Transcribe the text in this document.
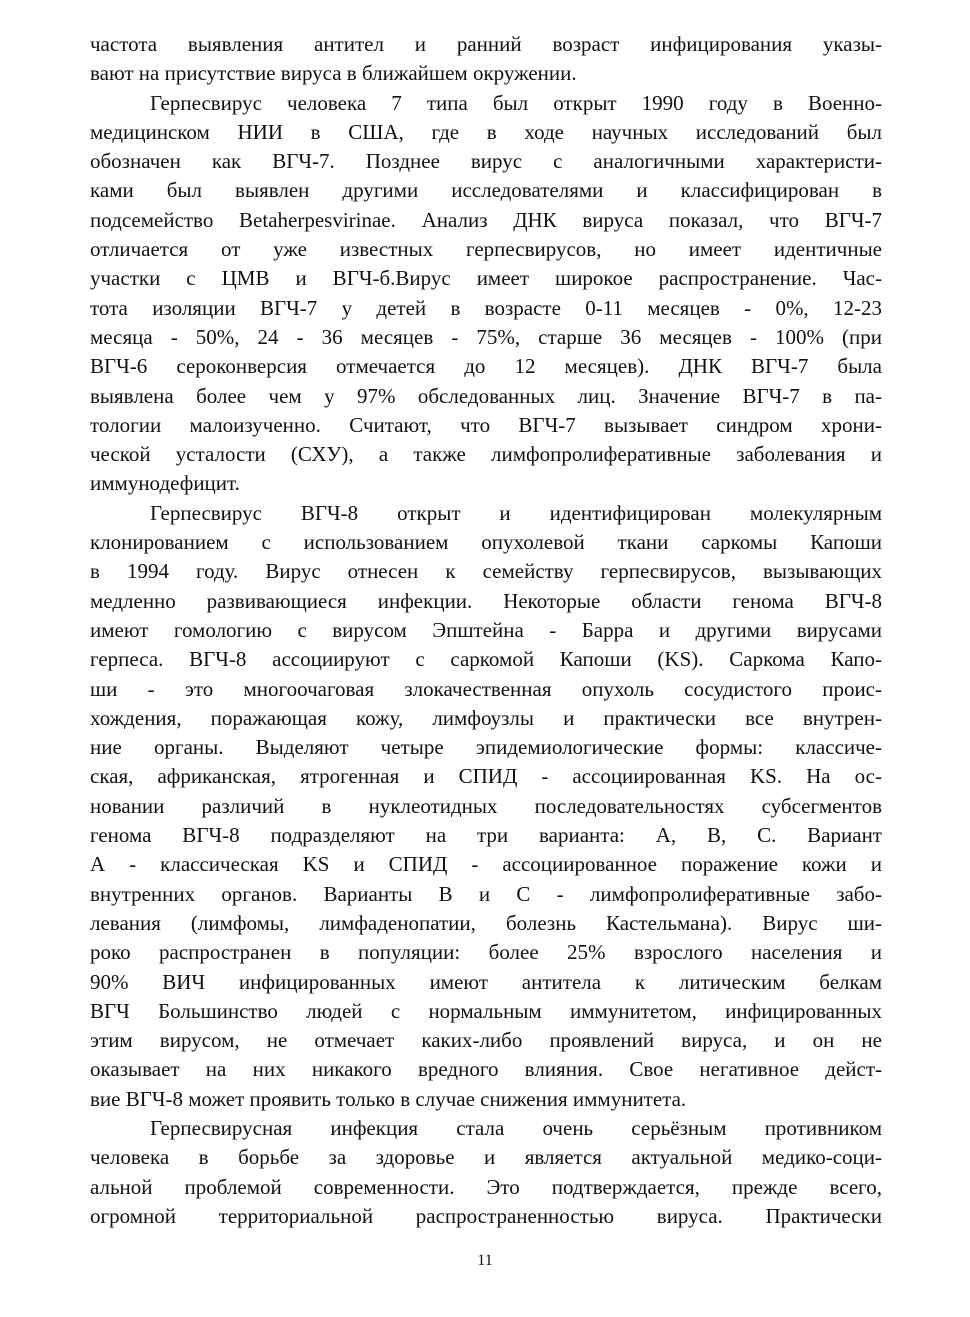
частота выявления антител и ранний возраст инфицирования указы-
вают на присутствие вируса в ближайшем окружении.
Герпесвирус человека 7 типа был открыт 1990 году в Военно-
медицинском НИИ в США, где в ходе научных исследований был
обозначен как ВГЧ-7. Позднее вирус с аналогичными характеристи-
ками был выявлен другими исследователями и классифицирован в
подсемейство Betaherpesvirinae. Анализ ДНК вируса показал, что ВГЧ-7
отличается от уже известных герпесвирусов, но имеет идентичные
участки с ЦМВ и ВГЧ-б.Вирус имеет широкое распространение. Час-
тота изоляции ВГЧ-7 у детей в возрасте 0-11 месяцев - 0%, 12-23
месяца - 50%, 24 - 36 месяцев - 75%, старше 36 месяцев - 100% (при
ВГЧ-6 сероконверсия отмечается до 12 месяцев). ДНК ВГЧ-7 была
выявлена более чем у 97% обследованных лиц. Значение ВГЧ-7 в па-
тологии малоизученно. Считают, что ВГЧ-7 вызывает синдром хрони-
ческой усталости (СХУ), а также лимфопролиферативные заболевания и
иммунодефицит.
Герпесвирус ВГЧ-8 открыт и идентифицирован молекулярным
клонированием с использованием опухолевой ткани саркомы Капоши
в 1994 году. Вирус отнесен к семейству герпесвирусов, вызывающих
медленно развивающиеся инфекции. Некоторые области генома ВГЧ-8
имеют гомологию с вирусом Эпштейна - Барра и другими вирусами
герпеса. ВГЧ-8 ассоциируют с саркомой Капоши (KS). Саркома Капо-
ши - это многоочаговая злокачественная опухоль сосудистого проис-
хождения, поражающая кожу, лимфоузлы и практически все внутрен-
ние органы. Выделяют четыре эпидемиологические формы: классиче-
ская, африканская, ятрогенная и СПИД - ассоциированная KS. На ос-
новании различий в нуклеотидных последовательностях субсегментов
генома ВГЧ-8 подразделяют на три варианта: А, В, С. Вариант
А - классическая KS и СПИД - ассоциированное поражение кожи и
внутренних органов. Варианты В и С - лимфопролиферативные забо-
левания (лимфомы, лимфаденопатии, болезнь Кастельмана). Вирус ши-
роко распространен в популяции: более 25% взрослого населения и
90% ВИЧ инфицированных имеют антитела к литическим белкам
ВГЧ Большинство людей с нормальным иммунитетом, инфицированных
этим вирусом, не отмечает каких-либо проявлений вируса, и он не
оказывает на них никакого вредного влияния. Свое негативное дейст-
вие ВГЧ-8 может проявить только в случае снижения иммунитета.
Герпесвирусная инфекция стала очень серьёзным противником
человека в борьбе за здоровье и является актуальной медико-соци-
альной проблемой современности. Это подтверждается, прежде всего,
огромной территориальной распространенностью вируса. Практически
11
